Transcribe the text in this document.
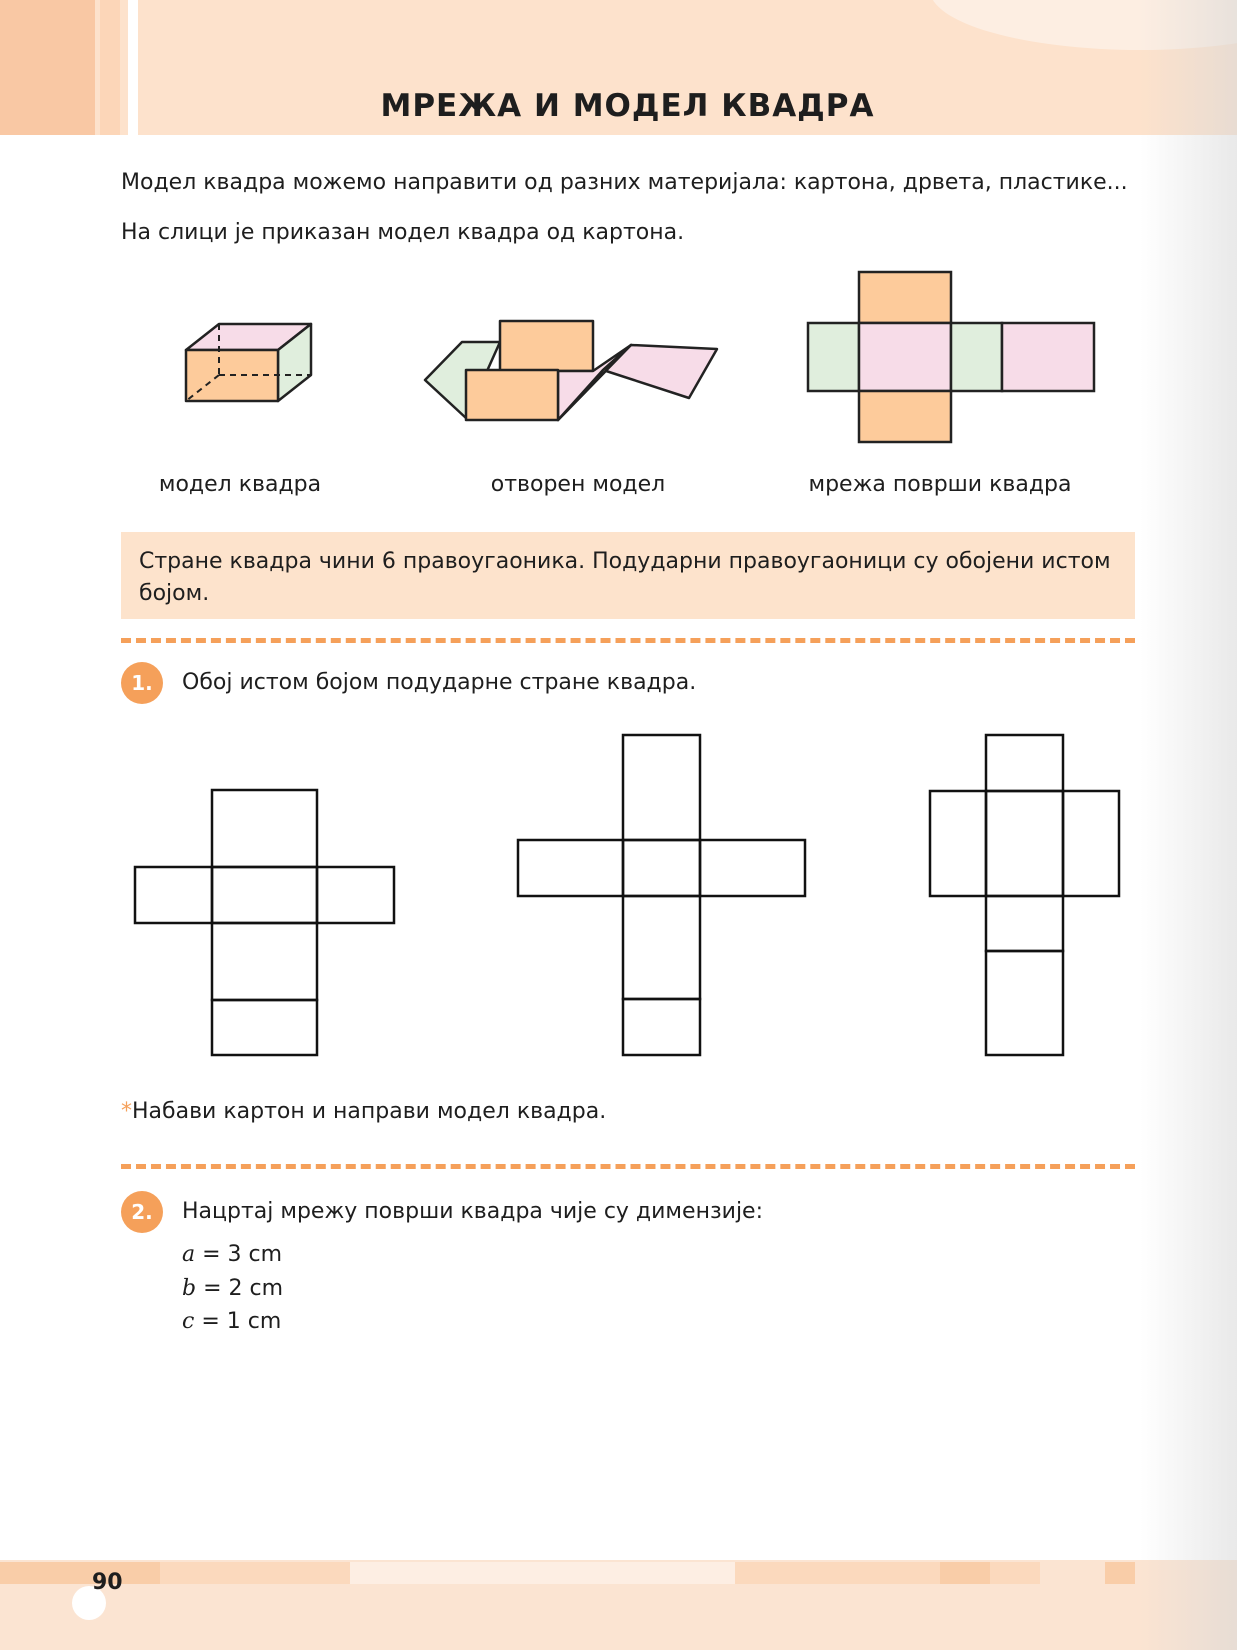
МРЕЖА И МОДЕЛ КВАДРА
Модел квадра можемо направити од разних материјала: картона, дрвета, пластике...
На слици је приказан модел квадра од картона.
модел квадра	отворен модел	мрежа површи квадра
Стране квадра чини 6 правоугаоника. Подударни правоугаоници су обојени истом бојом.
1.	Обој истом бојом подударне стране квадра.
*Набави картон и направи модел квадра.
2.	Нацртај мрежу површи квадра чије су димензије:
a = 3 cm
b = 2 cm
c = 1 cm
90
